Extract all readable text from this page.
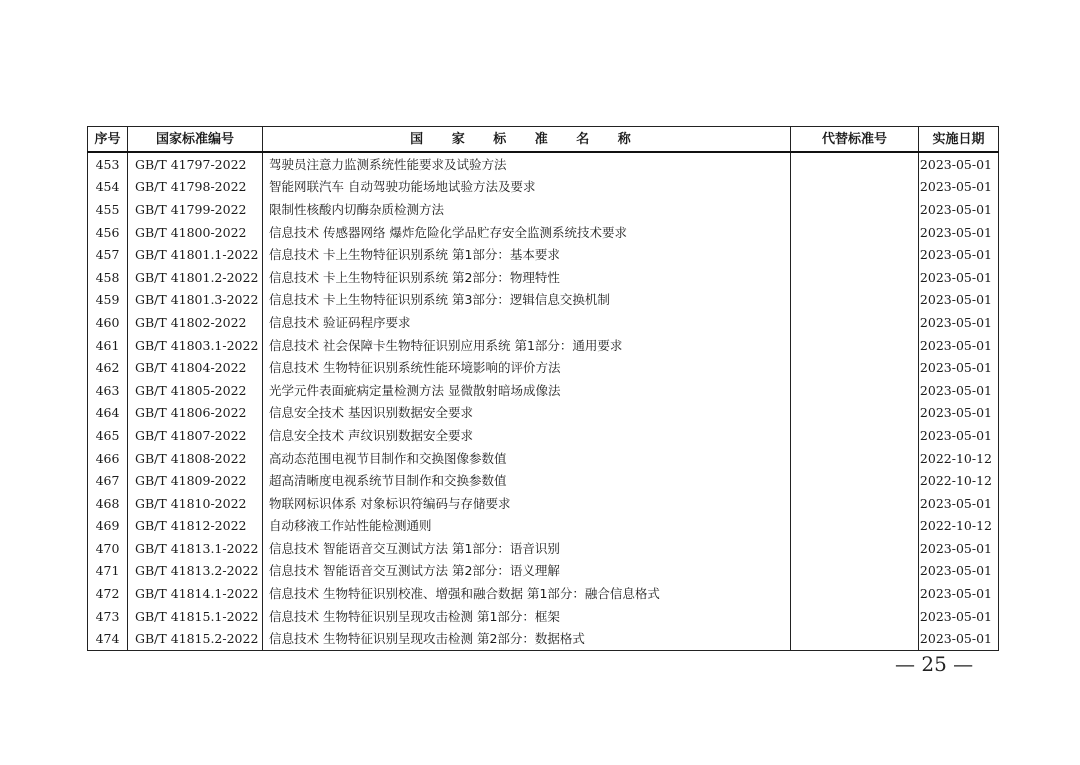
序号	国家标准编号	国 家 标 准 名 称	代替标准号	实施日期
453	GB/T 41797-2022	驾驶员注意力监测系统性能要求及试验方法		2023-05-01
454	GB/T 41798-2022	智能网联汽车 自动驾驶功能场地试验方法及要求		2023-05-01
455	GB/T 41799-2022	限制性核酸内切酶杂质检测方法		2023-05-01
456	GB/T 41800-2022	信息技术 传感器网络 爆炸危险化学品贮存安全监测系统技术要求		2023-05-01
457	GB/T 41801.1-2022	信息技术 卡上生物特征识别系统 第1部分：基本要求		2023-05-01
458	GB/T 41801.2-2022	信息技术 卡上生物特征识别系统 第2部分：物理特性		2023-05-01
459	GB/T 41801.3-2022	信息技术 卡上生物特征识别系统 第3部分：逻辑信息交换机制		2023-05-01
460	GB/T 41802-2022	信息技术 验证码程序要求		2023-05-01
461	GB/T 41803.1-2022	信息技术 社会保障卡生物特征识别应用系统 第1部分：通用要求		2023-05-01
462	GB/T 41804-2022	信息技术 生物特征识别系统性能环境影响的评价方法		2023-05-01
463	GB/T 41805-2022	光学元件表面疵病定量检测方法 显微散射暗场成像法		2023-05-01
464	GB/T 41806-2022	信息安全技术 基因识别数据安全要求		2023-05-01
465	GB/T 41807-2022	信息安全技术 声纹识别数据安全要求		2023-05-01
466	GB/T 41808-2022	高动态范围电视节目制作和交换图像参数值		2022-10-12
467	GB/T 41809-2022	超高清晰度电视系统节目制作和交换参数值		2022-10-12
468	GB/T 41810-2022	物联网标识体系 对象标识符编码与存储要求		2023-05-01
469	GB/T 41812-2022	自动移液工作站性能检测通则		2022-10-12
470	GB/T 41813.1-2022	信息技术 智能语音交互测试方法 第1部分：语音识别		2023-05-01
471	GB/T 41813.2-2022	信息技术 智能语音交互测试方法 第2部分：语义理解		2023-05-01
472	GB/T 41814.1-2022	信息技术 生物特征识别校准、增强和融合数据 第1部分：融合信息格式		2023-05-01
473	GB/T 41815.1-2022	信息技术 生物特征识别呈现攻击检测 第1部分：框架		2023-05-01
474	GB/T 41815.2-2022	信息技术 生物特征识别呈现攻击检测 第2部分：数据格式		2023-05-01
— 25 —
